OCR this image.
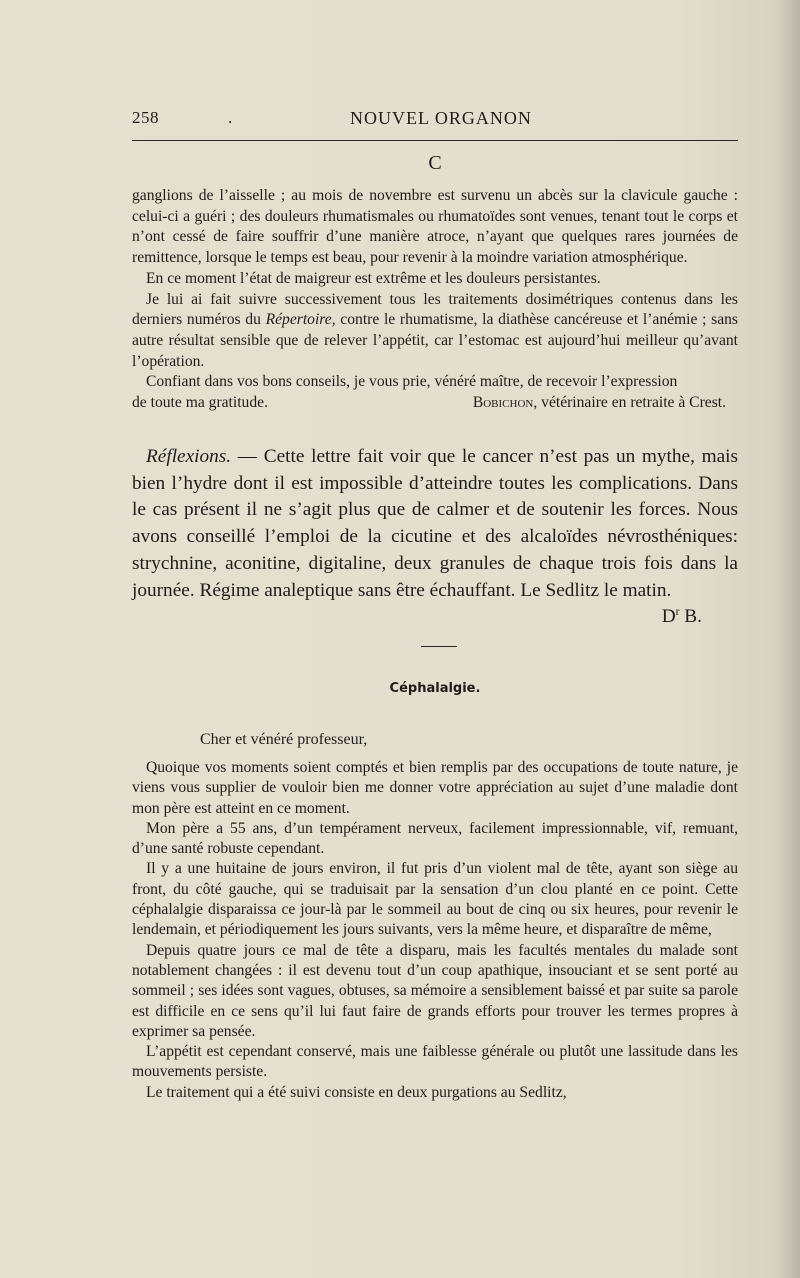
258	.	NOUVEL ORGANON
C

ganglions de l’aisselle ; au mois de novembre est survenu un abcès sur la clavicule gauche : celui-ci a guéri ; des douleurs rhumatismales ou rhumatoïdes sont venues, tenant tout le corps et n’ont cessé de faire souffrir d’une manière atroce, n’ayant que quelques rares journées de remittence, lorsque le temps est beau, pour revenir à la moindre variation atmosphérique.

En ce moment l’état de maigreur est extrême et les douleurs persistantes.

Je lui ai fait suivre successivement tous les traitements dosimétriques contenus dans les derniers numéros du Répertoire, contre le rhumatisme, la diathèse cancéreuse et l’anémie ; sans autre résultat sensible que de relever l’appétit, car l’estomac est aujourd’hui meilleur qu’avant l’opération.

Confiant dans vos bons conseils, je vous prie, vénéré maître, de recevoir l’expression

de toute ma gratitude.	Bobichon, vétérinaire en retraite à Crest.

Réflexions. — Cette lettre fait voir que le cancer n’est pas un mythe, mais bien l’hydre dont il est impossible d’atteindre toutes les complications. Dans le cas présent il ne s’agit plus que de calmer et de soutenir les forces. Nous avons conseillé l’emploi de la cicutine et des alcaloïdes névrosthéniques: strychnine, aconitine, digitaline, deux granules de chaque trois fois dans la journée. Régime analeptique sans être échauffant. Le Sedlitz le matin.

$D^r$ B.

Céphalalgie.
Cher et vénéré professeur,

Quoique vos moments soient comptés et bien remplis par des occupations de toute nature, je viens vous supplier de vouloir bien me donner votre appréciation au sujet d’une maladie dont mon père est atteint en ce moment.

Mon père a 55 ans, d’un tempérament nerveux, facilement impressionnable, vif, remuant, d’une santé robuste cependant.

Il y a une huitaine de jours environ, il fut pris d’un violent mal de tête, ayant son siège au front, du côté gauche, qui se traduisait par la sensation d’un clou planté en ce point. Cette céphalalgie disparaissa ce jour-là par le sommeil au bout de cinq ou six heures, pour revenir le lendemain, et périodiquement les jours suivants, vers la même heure, et disparaître de même,

Depuis quatre jours ce mal de tête a disparu, mais les facultés mentales du malade sont notablement changées : il est devenu tout d’un coup apathique, insouciant et se sent porté au sommeil ; ses idées sont vagues, obtuses, sa mémoire a sensiblement baissé et par suite sa parole est difficile en ce sens qu’il lui faut faire de grands efforts pour trouver les termes propres à exprimer sa pensée.

L’appétit est cependant conservé, mais une faiblesse générale ou plutôt une lassitude dans les mouvements persiste.

Le traitement qui a été suivi consiste en deux purgations au Sedlitz,
